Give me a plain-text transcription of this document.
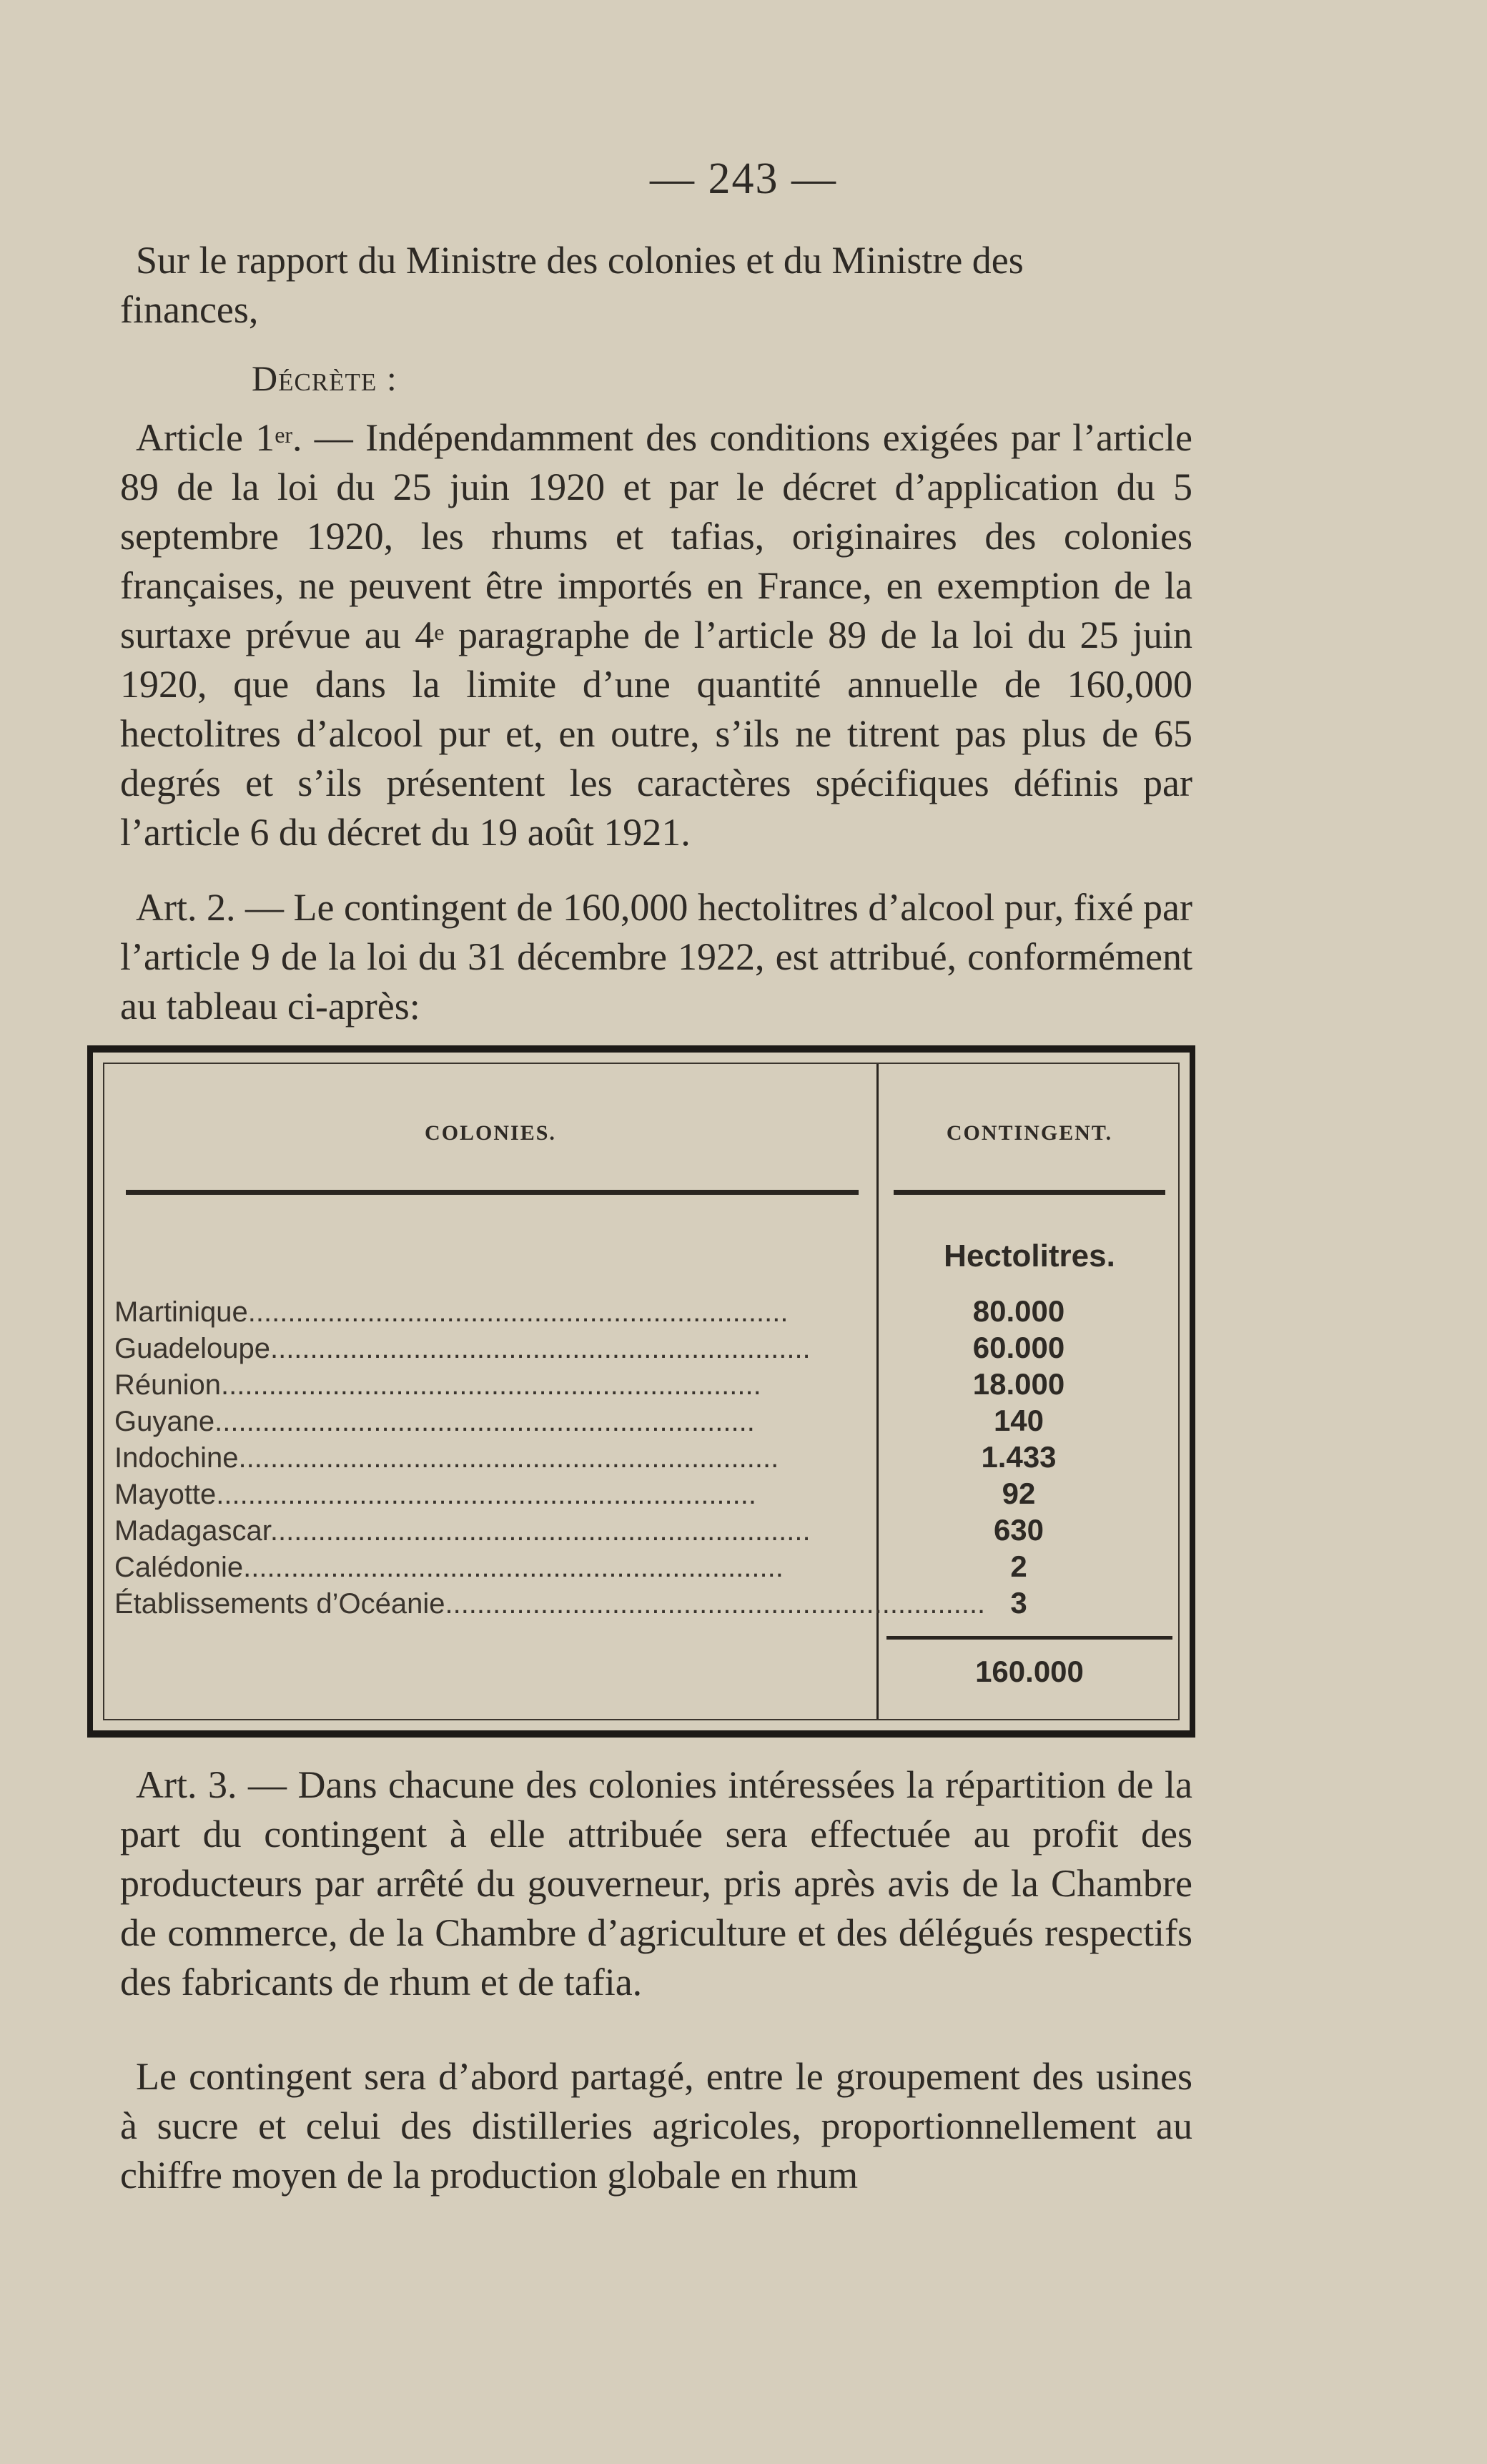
— 243 —

Sur le rapport du Ministre des colonies et du Ministre des

finances,

Décrète :

Article 1er. — Indépendamment des conditions exigées par l’article 89 de la loi du 25 juin 1920 et par le décret d’application du 5 septembre 1920, les rhums et tafias, originaires des colonies françaises, ne peuvent être importés en France, en exemption de la surtaxe prévue au 4e paragraphe de l’article 89 de la loi du 25 juin 1920, que dans la limite d’une quantité annuelle de 160,000 hectolitres d’alcool pur et, en outre, s’ils ne titrent pas plus de 65 degrés et s’ils présentent les caractères spécifiques définis par l’article 6 du décret du 19 août 1921.

Art. 2. — Le contingent de 160,000 hectolitres d’alcool pur, fixé par l’article 9 de la loi du 31 décembre 1922, est attribué, conformément au tableau ci-après:

COLONIES.	CONTINGENT.
Hectolitres.
Martinique....................................................................	80.000
Guadeloupe....................................................................	60.000
Réunion....................................................................	18.000
Guyane....................................................................	140
Indochine....................................................................	1.433
Mayotte....................................................................	92
Madagascar....................................................................	630
Calédonie....................................................................	2
Établissements d’Océanie.................................................................... 3
160.000

Art. 3. — Dans chacune des colonies intéressées la répartition de la part du contingent à elle attribuée sera effectuée au profit des producteurs par arrêté du gouverneur, pris après avis de la Chambre de commerce, de la Chambre d’agriculture et des délégués respectifs des fabricants de rhum et de tafia.

Le contingent sera d’abord partagé, entre le groupement des usines à sucre et celui des distilleries agricoles, proportionnellement au chiffre moyen de la production globale en rhum
